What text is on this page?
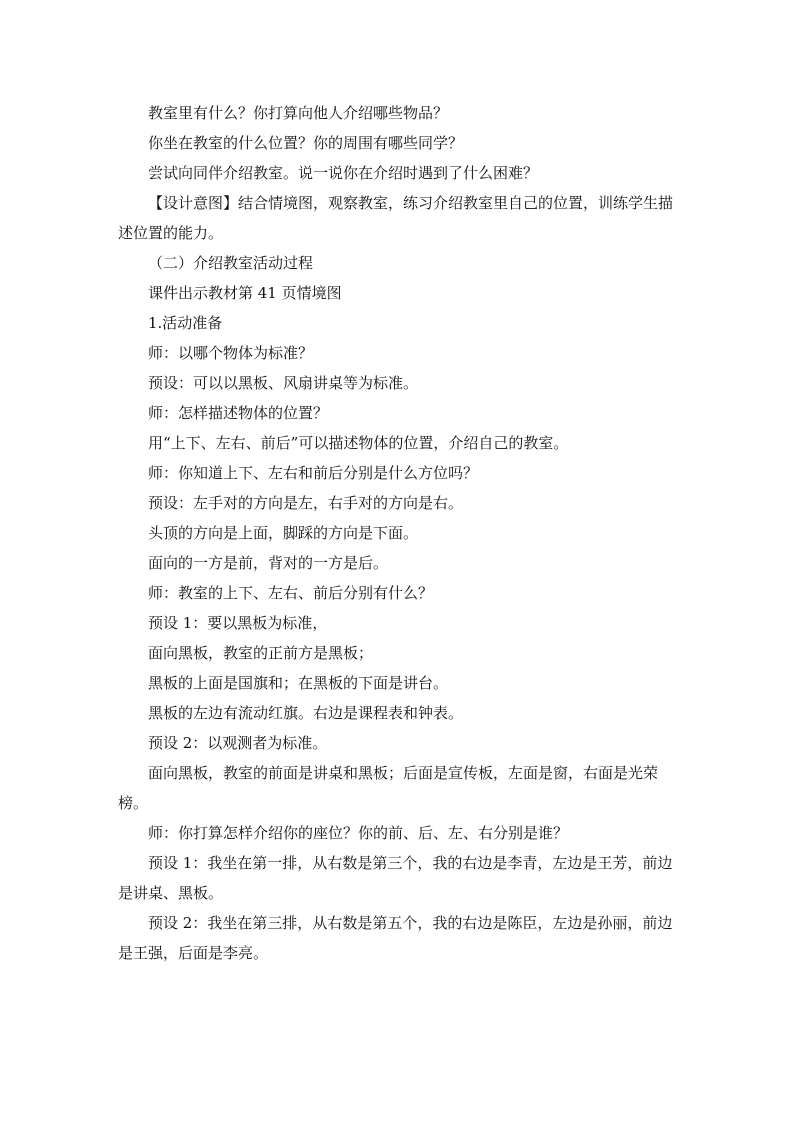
教室里有什么？你打算向他人介绍哪些物品？

你坐在教室的什么位置？你的周围有哪些同学？

尝试向同伴介绍教室。说一说你在介绍时遇到了什么困难？

【设计意图】结合情境图，观察教室，练习介绍教室里自己的位置，训练学生描述位置的能力。

（二）介绍教室活动过程

课件出示教材第 41 页情境图

1.活动准备

师：以哪个物体为标准？

预设：可以以黑板、风扇讲桌等为标准。

师：怎样描述物体的位置？

用“上下、左右、前后”可以描述物体的位置，介绍自己的教室。

师：你知道上下、左右和前后分别是什么方位吗？

预设：左手对的方向是左，右手对的方向是右。

头顶的方向是上面，脚踩的方向是下面。

面向的一方是前，背对的一方是后。

师：教室的上下、左右、前后分别有什么？

预设 1：要以黑板为标准，

面向黑板，教室的正前方是黑板；

黑板的上面是国旗和；在黑板的下面是讲台。

黑板的左边有流动红旗。右边是课程表和钟表。

预设 2：以观测者为标准。

面向黑板，教室的前面是讲桌和黑板；后面是宣传板，左面是窗，右面是光荣榜。

师：你打算怎样介绍你的座位？你的前、后、左、右分别是谁？

预设 1：我坐在第一排，从右数是第三个，我的右边是李青，左边是王芳，前边是讲桌、黑板。

预设 2：我坐在第三排，从右数是第五个，我的右边是陈臣，左边是孙丽，前边是王强，后面是李亮。
